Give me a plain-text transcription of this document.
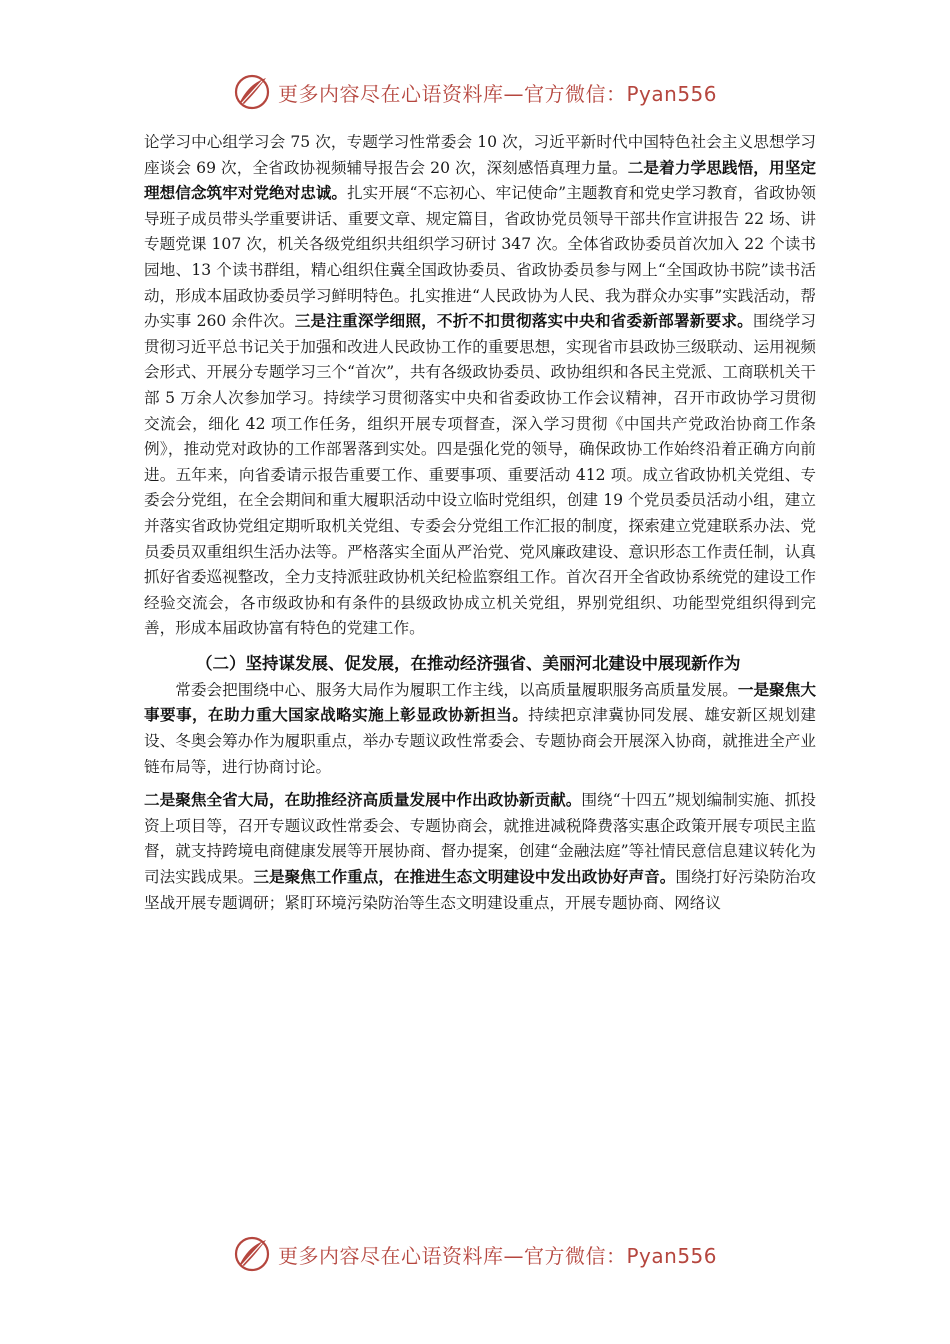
更多内容尽在心语资料库—官方微信：Pyan556

论学习中心组学习会 75 次，专题学习性常委会 10 次，习近平新时代中国特色社会主义思想学习座谈会 69 次，全省政协视频辅导报告会 20 次，深刻感悟真理力量。二是着力学思践悟，用坚定理想信念筑牢对党绝对忠诚。扎实开展“不忘初心、牢记使命”主题教育和党史学习教育，省政协领导班子成员带头学重要讲话、重要文章、规定篇目，省政协党员领导干部共作宣讲报告 22 场、讲专题党课 107 次，机关各级党组织共组织学习研讨 347 次。全体省政协委员首次加入 22 个读书园地、13 个读书群组，精心组织住冀全国政协委员、省政协委员参与网上“全国政协书院”读书活动，形成本届政协委员学习鲜明特色。扎实推进“人民政协为人民、我为群众办实事”实践活动，帮办实事 260 余件次。三是注重深学细照，不折不扣贯彻落实中央和省委新部署新要求。围绕学习贯彻习近平总书记关于加强和改进人民政协工作的重要思想，实现省市县政协三级联动、运用视频会形式、开展分专题学习三个“首次”，共有各级政协委员、政协组织和各民主党派、工商联机关干部 5 万余人次参加学习。持续学习贯彻落实中央和省委政协工作会议精神，召开市政协学习贯彻交流会，细化 42 项工作任务，组织开展专项督查，深入学习贯彻《中国共产党政治协商工作条例》，推动党对政协的工作部署落到实处。四是强化党的领导，确保政协工作始终沿着正确方向前进。五年来，向省委请示报告重要工作、重要事项、重要活动 412 项。成立省政协机关党组、专委会分党组，在全会期间和重大履职活动中设立临时党组织，创建 19 个党员委员活动小组，建立并落实省政协党组定期听取机关党组、专委会分党组工作汇报的制度，探索建立党建联系办法、党员委员双重组织生活办法等。严格落实全面从严治党、党风廉政建设、意识形态工作责任制，认真抓好省委巡视整改，全力支持派驻政协机关纪检监察组工作。首次召开全省政协系统党的建设工作经验交流会，各市级政协和有条件的县级政协成立机关党组，界别党组织、功能型党组织得到完善，形成本届政协富有特色的党建工作。

（二）坚持谋发展、促发展，在推动经济强省、美丽河北建设中展现新作为

常委会把围绕中心、服务大局作为履职工作主线，以高质量履职服务高质量发展。一是聚焦大事要事，在助力重大国家战略实施上彰显政协新担当。持续把京津冀协同发展、雄安新区规划建设、冬奥会筹办作为履职重点，举办专题议政性常委会、专题协商会开展深入协商，就推进全产业链布局等，进行协商讨论。

二是聚焦全省大局，在助推经济高质量发展中作出政协新贡献。围绕“十四五”规划编制实施、抓投资上项目等，召开专题议政性常委会、专题协商会，就推进减税降费落实惠企政策开展专项民主监督，就支持跨境电商健康发展等开展协商、督办提案，创建“金融法庭”等社情民意信息建议转化为司法实践成果。三是聚焦工作重点，在推进生态文明建设中发出政协好声音。围绕打好污染防治攻坚战开展专题调研；紧盯环境污染防治等生态文明建设重点，开展专题协商、网络议

更多内容尽在心语资料库—官方微信：Pyan556
